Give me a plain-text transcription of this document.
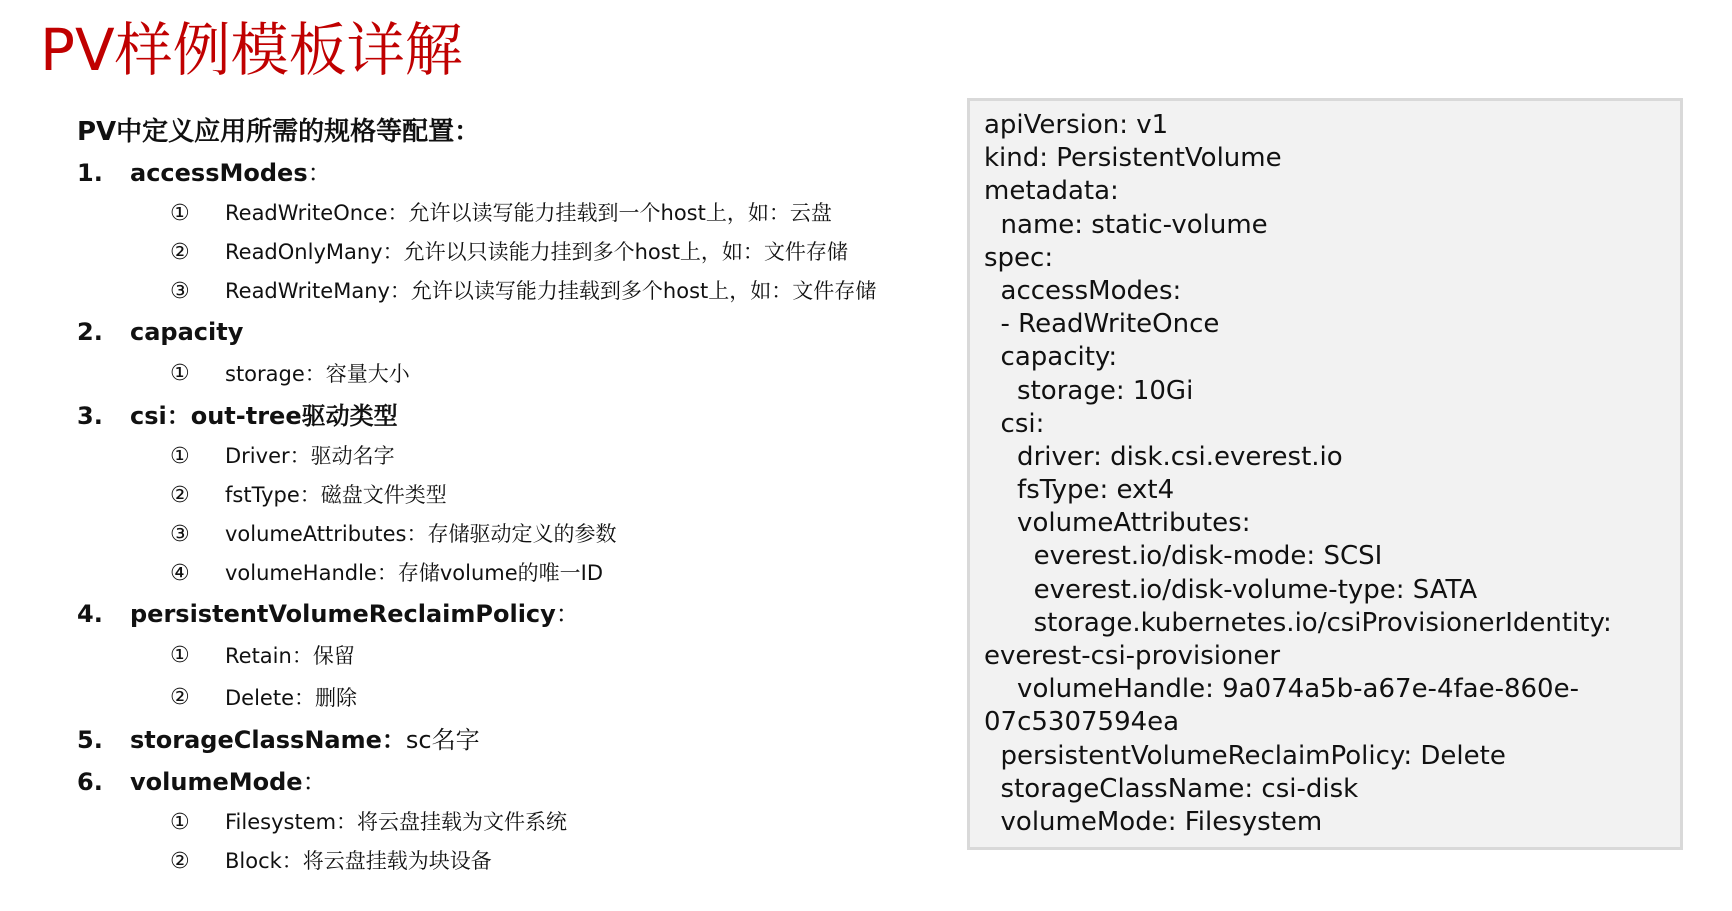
PV样例模板详解
PV中定义应用所需的规格等配置：
1. accessModes：
① ReadWriteOnce：允许以读写能力挂载到一个host上，如：云盘
② ReadOnlyMany：允许以只读能力挂到多个host上，如：文件存储
③ ReadWriteMany：允许以读写能力挂载到多个host上，如：文件存储
2. capacity
① storage：容量大小
3. csi：out-tree驱动类型
① Driver：驱动名字
② fstType：磁盘文件类型
③ volumeAttributes：存储驱动定义的参数
④ volumeHandle：存储volume的唯一ID
4. persistentVolumeReclaimPolicy：
① Retain：保留
② Delete：删除
5. storageClassName：sc名字
6. volumeMode：
① Filesystem：将云盘挂载为文件系统
② Block：将云盘挂载为块设备
apiVersion: v1
kind: PersistentVolume
metadata:
name: static-volume
spec:
accessModes:
- ReadWriteOnce
capacity:
storage: 10Gi
csi:
driver: disk.csi.everest.io
fsType: ext4
volumeAttributes:
everest.io/disk-mode: SCSI
everest.io/disk-volume-type: SATA
storage.kubernetes.io/csiProvisionerIdentity:
everest-csi-provisioner
volumeHandle: 9a074a5b-a67e-4fae-860e-
07c5307594ea
persistentVolumeReclaimPolicy: Delete
storageClassName: csi-disk
volumeMode: Filesystem
